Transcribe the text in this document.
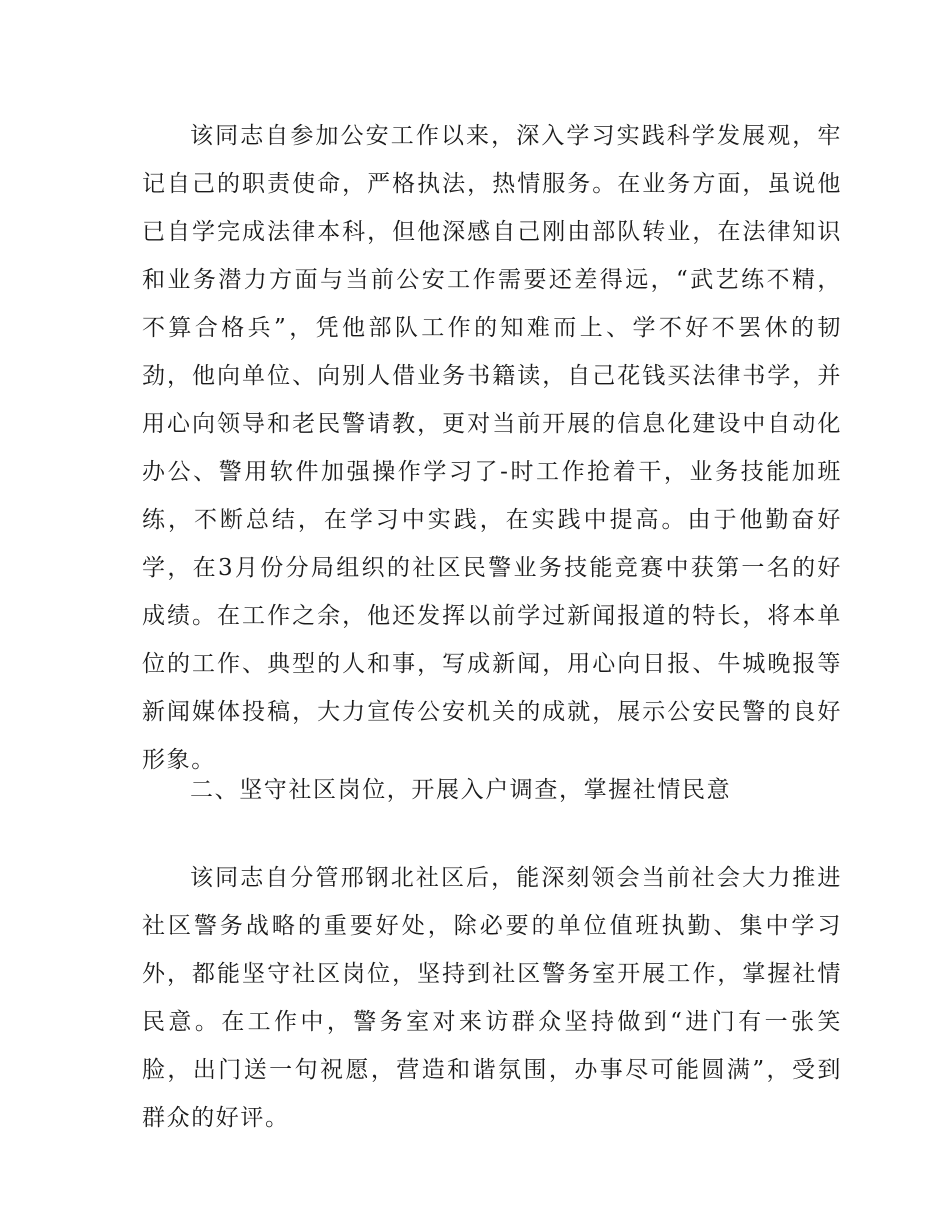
该同志自参加公安工作以来，深入学习实践科学发展观，牢记自己的职责使命，严格执法，热情服务。在业务方面，虽说他已自学完成法律本科，但他深感自己刚由部队转业，在法律知识和业务潜力方面与当前公安工作需要还差得远，“武艺练不精，不算合格兵”，凭他部队工作的知难而上、学不好不罢休的韧劲，他向单位、向别人借业务书籍读，自己花钱买法律书学，并用心向领导和老民警请教，更对当前开展的信息化建设中自动化办公、警用软件加强操作学习了-时工作抢着干，业务技能加班练，不断总结，在学习中实践，在实践中提高。由于他勤奋好学，在3月份分局组织的社区民警业务技能竞赛中获第一名的好成绩。在工作之余，他还发挥以前学过新闻报道的特长，将本单位的工作、典型的人和事，写成新闻，用心向日报、牛城晚报等新闻媒体投稿，大力宣传公安机关的成就，展示公安民警的良好形象。

二、坚守社区岗位，开展入户调查，掌握社情民意

该同志自分管邢钢北社区后，能深刻领会当前社会大力推进社区警务战略的重要好处，除必要的单位值班执勤、集中学习外，都能坚守社区岗位，坚持到社区警务室开展工作，掌握社情民意。在工作中，警务室对来访群众坚持做到“进门有一张笑脸，出门送一句祝愿，营造和谐氛围，办事尽可能圆满”，受到群众的好评。
